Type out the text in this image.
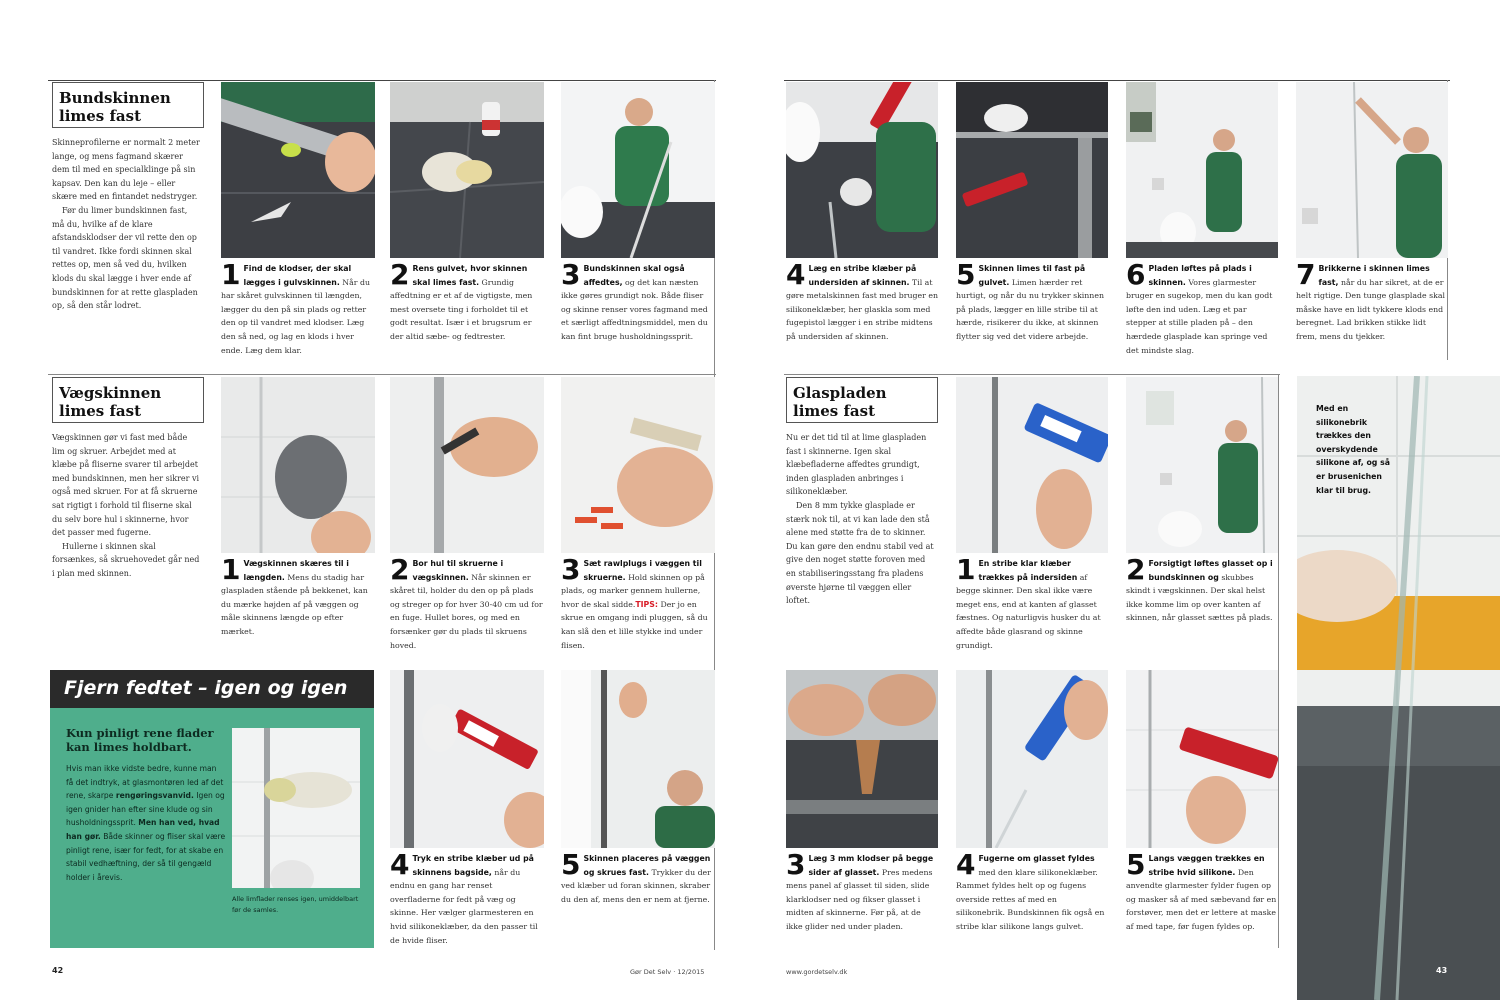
Bundskinnen
limes fast

Skinneprofilerne er normalt 2 meter lange, og mens fagmand skærer dem til med en specialklinge på sin kapsav. Den kan du leje – eller skære med en fintandet nedstryger.

Før du limer bundskinnen fast, må du, hvilke af de klare afstandsklodser der vil rette den op til vandret. Ikke fordi skinnen skal rettes op, men så ved du, hvilken klods du skal lægge i hver ende af bundskinnen for at rette glaspladen op, så den står lodret.

1 Find de klodser, der skal lægges i gulvskinnen. Når du har skåret gulvskinnen til længden, lægger du den på sin plads og retter den op til vandret med klodser. Læg den så ned, og lag en klods i hver ende. Læg dem klar.
2 Rens gulvet, hvor skinnen skal limes fast. Grundig affedtning er et af de vigtigste, men mest oversete ting i forholdet til et godt resultat. Især i et brugsrum er der altid sæbe- og fedtrester.
3 Bundskinnen skal også affedtes, og det kan næsten ikke gøres grundigt nok. Både fliser og skinne renser vores fagmand med et særligt affedtningsmiddel, men du kan fint bruge husholdningssprit.
Vægskinnen
limes fast

Vægskinnen gør vi fast med både lim og skruer. Arbejdet med at klæbe på fliserne svarer til arbejdet med bundskinnen, men her sikrer vi også med skruer. For at få skruerne sat rigtigt i forhold til fliserne skal du selv bore hul i skinnerne, hvor det passer med fugerne.

Hullerne i skinnen skal forsænkes, så skruehovedet går ned i plan med skinnen.	1 Vægskinnen skæres til i længden. Mens du stadig har glaspladen stående på bekkenet, kan du mærke højden af på væggen og måle skinnens længde op efter mærket.
2 Bor hul til skruerne i vægskinnen. Når skinnen er skåret til, holder du den op på plads og streger op for hver 30-40 cm ud for en fuge. Hullet bores, og med en forsænker gør du plads til skruens hoved.
3 Sæt rawlplugs i væggen til skruerne. Hold skinnen op på plads, og marker gennem hullerne, hvor de skal sidde.TIPS: Der jo en skrue en omgang indi pluggen, så du kan slå den et lille stykke ind under flisen.
Fjern fedtet – igen og igen
Kun pinligt rene flader
kan limes holdbart.
Hvis man ikke vidste bedre, kunne man få det indtryk, at glasmontøren led af det rene, skarpe rengøringsvanvid. Igen og igen gnider han efter sine klude og sin husholdningssprit. Men han ved, hvad han gør. Både skinner og fliser skal være pinligt rene, især for fedt, for at skabe en stabil vedhæftning, der så til gengæld holder i årevis.
Alle limflader renses igen, umiddelbart før de samles.
4 Tryk en stribe klæber ud på skinnens bagside, når du endnu en gang har renset overfladerne for fedt på væg og skinne. Her vælger glarmesteren en hvid silikoneklæber, da den passer til de hvide fliser.
5 Skinnen placeres på væggen og skrues fast. Trykker du der ved klæber ud foran skinnen, skraber du den af, mens den er nem at fjerne.
42	Gør Det Selv · 12/2015
4 Læg en stribe klæber på undersiden af skinnen. Til at gøre metalskinnen fast med bruger en silikoneklæber, her glaskla som med fugepistol lægger i en stribe midtens på undersiden af skinnen.
5 Skinnen limes til fast på gulvet. Limen hærder ret hurtigt, og når du nu trykker skinnen på plads, lægger en lille stribe til at hærde, risikerer du ikke, at skinnen flytter sig ved det videre arbejde.
6 Pladen løftes på plads i skinnen. Vores glarmester bruger en sugekop, men du kan godt løfte den ind uden. Læg et par stepper at stille pladen på – den hærdede glasplade kan springe ved det mindste slag.
7 Brikkerne i skinnen limes fast, når du har sikret, at de er helt rigtige. Den tunge glasplade skal måske have en lidt tykkere klods end beregnet. Lad brikken stikke lidt frem, mens du tjekker.
Glaspladen
limes fast

Nu er det tid til at lime glaspladen fast i skinnerne. Igen skal klæbefladerne affedtes grundigt, inden glaspladen anbringes i silikoneklæber.

Den 8 mm tykke glasplade er stærk nok til, at vi kan lade den stå alene med støtte fra de to skinner. Du kan gøre den endnu stabil ved at give den noget støtte foroven med en stabiliseringsstang fra pladens øverste hjørne til væggen eller loftet.

1 En stribe klar klæber trækkes på indersiden af begge skinner. Den skal ikke være meget ens, end at kanten af glasset fæstnes. Og naturligvis husker du at affedte både glasrand og skinne grundigt.
2 Forsigtigt løftes glasset op i bundskinnen og skubbes skindt i vægskinnen. Der skal helst ikke komme lim op over kanten af skinnen, når glasset sættes på plads.
3 Læg 3 mm klodser på begge sider af glasset. Pres medens mens panel af glasset til siden, slide klarklodser ned og fikser glasset i midten af skinnerne. Før på, at de ikke glider ned under pladen.
4 Fugerne om glasset fyldes med den klare silikoneklæber. Rammet fyldes helt op og fugens overside rettes af med en silikonebrik. Bundskinnen fik også en stribe klar silikone langs gulvet.
5 Langs væggen trækkes en stribe hvid silikone. Den anvendte glarmester fylder fugen op og masker så af med sæbevand før en forstøver, men det er lettere at maske af med tape, før fugen fyldes op.
Med en silikonebrik trækkes den overskydende silikone af, og så er brusenichen klar til brug.
www.gordetselv.dk	43
